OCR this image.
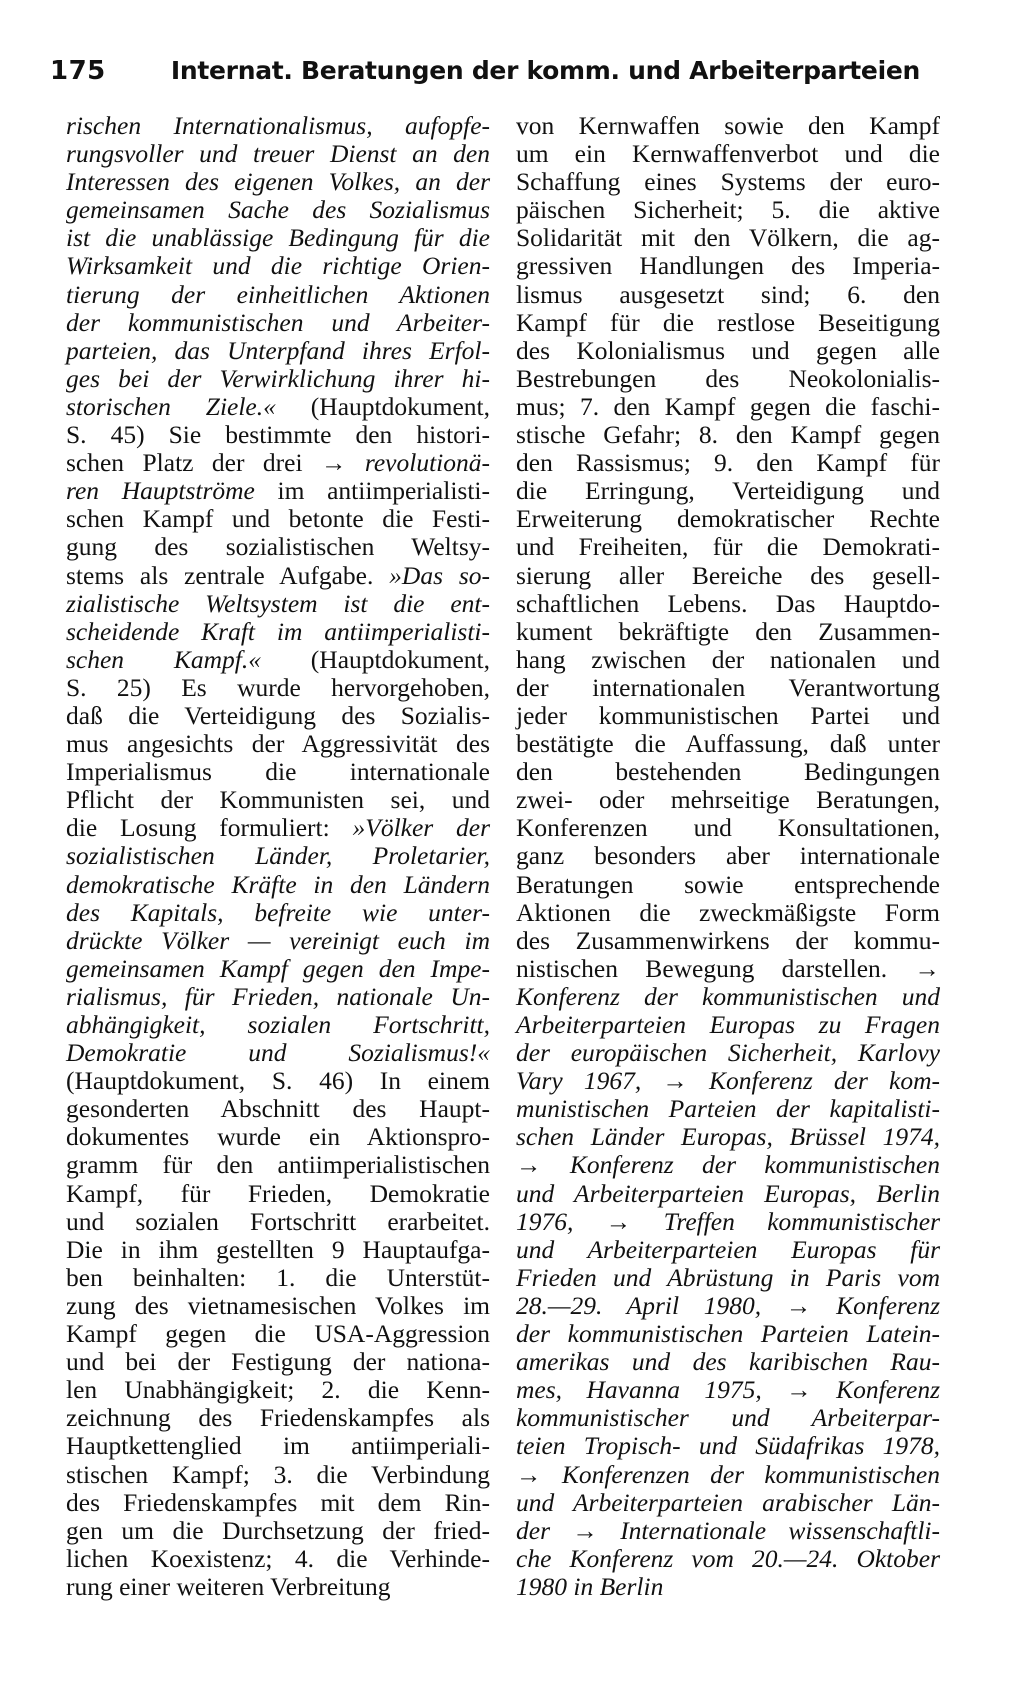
175	Internat. Beratungen der komm. und Arbeiterparteien
rischen Internationalismus, aufopfe-
rungsvoller und treuer Dienst an den
Interessen des eigenen Volkes, an der
gemeinsamen Sache des Sozialismus
ist die unablässige Bedingung für die
Wirksamkeit und die richtige Orien-
tierung der einheitlichen Aktionen
der kommunistischen und Arbeiter-
parteien, das Unterpfand ihres Erfol-
ges bei der Verwirklichung ihrer hi-
storischen Ziele.« (Hauptdokument,
S. 45) Sie bestimmte den histori-
schen Platz der drei → revolutionä-
ren Hauptströme im antiimperialisti-
schen Kampf und betonte die Festi-
gung des sozialistischen Weltsy-
stems als zentrale Aufgabe. »Das so-
zialistische Weltsystem ist die ent-
scheidende Kraft im antiimperialisti-
schen Kampf.« (Hauptdokument,
S. 25) Es wurde hervorgehoben,
daß die Verteidigung des Sozialis-
mus angesichts der Aggressivität des
Imperialismus die internationale
Pflicht der Kommunisten sei, und
die Losung formuliert: »Völker der
sozialistischen Länder, Proletarier,
demokratische Kräfte in den Ländern
des Kapitals, befreite wie unter-
drückte Völker — vereinigt euch im
gemeinsamen Kampf gegen den Impe-
rialismus, für Frieden, nationale Un-
abhängigkeit, sozialen Fortschritt,
Demokratie und Sozialismus!«
(Hauptdokument, S. 46) In einem
gesonderten Abschnitt des Haupt-
dokumentes wurde ein Aktionspro-
gramm für den antiimperialistischen
Kampf, für Frieden, Demokratie
und sozialen Fortschritt erarbeitet.
Die in ihm gestellten 9 Hauptaufga-
ben beinhalten: 1. die Unterstüt-
zung des vietnamesischen Volkes im
Kampf gegen die USA-Aggression
und bei der Festigung der nationa-
len Unabhängigkeit; 2. die Kenn-
zeichnung des Friedenskampfes als
Hauptkettenglied im antiimperiali-
stischen Kampf; 3. die Verbindung
des Friedenskampfes mit dem Rin-
gen um die Durchsetzung der fried-
lichen Koexistenz; 4. die Verhinde-
rung einer weiteren Verbreitung
von Kernwaffen sowie den Kampf
um ein Kernwaffenverbot und die
Schaffung eines Systems der euro-
päischen Sicherheit; 5. die aktive
Solidarität mit den Völkern, die ag-
gressiven Handlungen des Imperia-
lismus ausgesetzt sind; 6. den
Kampf für die restlose Beseitigung
des Kolonialismus und gegen alle
Bestrebungen des Neokolonialis-
mus; 7. den Kampf gegen die faschi-
stische Gefahr; 8. den Kampf gegen
den Rassismus; 9. den Kampf für
die Erringung, Verteidigung und
Erweiterung demokratischer Rechte
und Freiheiten, für die Demokrati-
sierung aller Bereiche des gesell-
schaftlichen Lebens. Das Hauptdo-
kument bekräftigte den Zusammen-
hang zwischen der nationalen und
der internationalen Verantwortung
jeder kommunistischen Partei und
bestätigte die Auffassung, daß unter
den bestehenden Bedingungen
zwei- oder mehrseitige Beratungen,
Konferenzen und Konsultationen,
ganz besonders aber internationale
Beratungen sowie entsprechende
Aktionen die zweckmäßigste Form
des Zusammenwirkens der kommu-
nistischen Bewegung darstellen. →
Konferenz der kommunistischen und
Arbeiterparteien Europas zu Fragen
der europäischen Sicherheit, Karlovy
Vary 1967, → Konferenz der kom-
munistischen Parteien der kapitalisti-
schen Länder Europas, Brüssel 1974,
→ Konferenz der kommunistischen
und Arbeiterparteien Europas, Berlin
1976, → Treffen kommunistischer
und Arbeiterparteien Europas für
Frieden und Abrüstung in Paris vom
28.—29. April 1980, → Konferenz
der kommunistischen Parteien Latein-
amerikas und des karibischen Rau-
mes, Havanna 1975, → Konferenz
kommunistischer und Arbeiterpar-
teien Tropisch- und Südafrikas 1978,
→ Konferenzen der kommunistischen
und Arbeiterparteien arabischer Län-
der → Internationale wissenschaftli-
che Konferenz vom 20.—24. Oktober
1980 in Berlin
